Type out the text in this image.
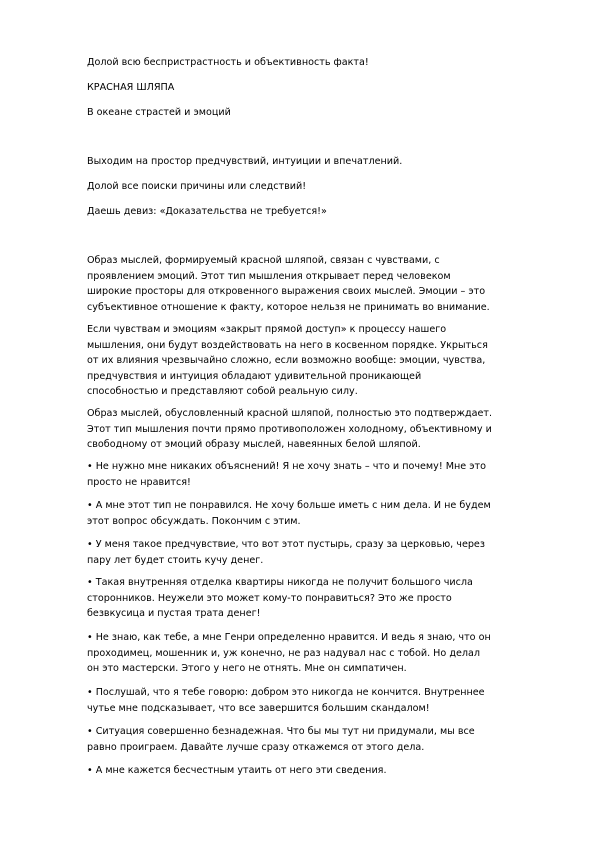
Долой всю беспристрастность и объективность факта!

КРАСНАЯ ШЛЯПА

В океане страстей и эмоций

Выходим на простор предчувствий, интуиции и впечатлений.

Долой все поиски причины или следствий!

Даешь девиз: «Доказательства не требуется!»

Образ мыслей, формируемый красной шляпой, связан с чувствами, с
проявлением эмоций. Этот тип мышления открывает перед человеком
широкие просторы для откровенного выражения своих мыслей. Эмоции – это
субъективное отношение к факту, которое нельзя не принимать во внимание.
Если чувствам и эмоциям «закрыт прямой доступ» к процессу нашего
мышления, они будут воздействовать на него в косвенном порядке. Укрыться
от их влияния чрезвычайно сложно, если возможно вообще: эмоции, чувства,
предчувствия и интуиция обладают удивительной проникающей
способностью и представляют собой реальную силу.
Образ мыслей, обусловленный красной шляпой, полностью это подтверждает.
Этот тип мышления почти прямо противоположен холодному, объективному и
свободному от эмоций образу мыслей, навеянных белой шляпой.
• Не нужно мне никаких объяснений! Я не хочу знать – что и почему! Мне это
просто не нравится!
• А мне этот тип не понравился. Не хочу больше иметь с ним дела. И не будем
этот вопрос обсуждать. Покончим с этим.
• У меня такое предчувствие, что вот этот пустырь, сразу за церковью, через
пару лет будет стоить кучу денег.
• Такая внутренняя отделка квартиры никогда не получит большого числа
сторонников. Неужели это может кому-то понравиться? Это же просто
безвкусица и пустая трата денег!
• Не знаю, как тебе, а мне Генри определенно нравится. И ведь я знаю, что он
проходимец, мошенник и, уж конечно, не раз надувал нас с тобой. Но делал
он это мастерски. Этого у него не отнять. Мне он симпатичен.
• Послушай, что я тебе говорю: добром это никогда не кончится. Внутреннее
чутье мне подсказывает, что все завершится большим скандалом!
• Ситуация совершенно безнадежная. Что бы мы тут ни придумали, мы все
равно проиграем. Давайте лучше сразу откажемся от этого дела.
• А мне кажется бесчестным утаить от него эти сведения.
